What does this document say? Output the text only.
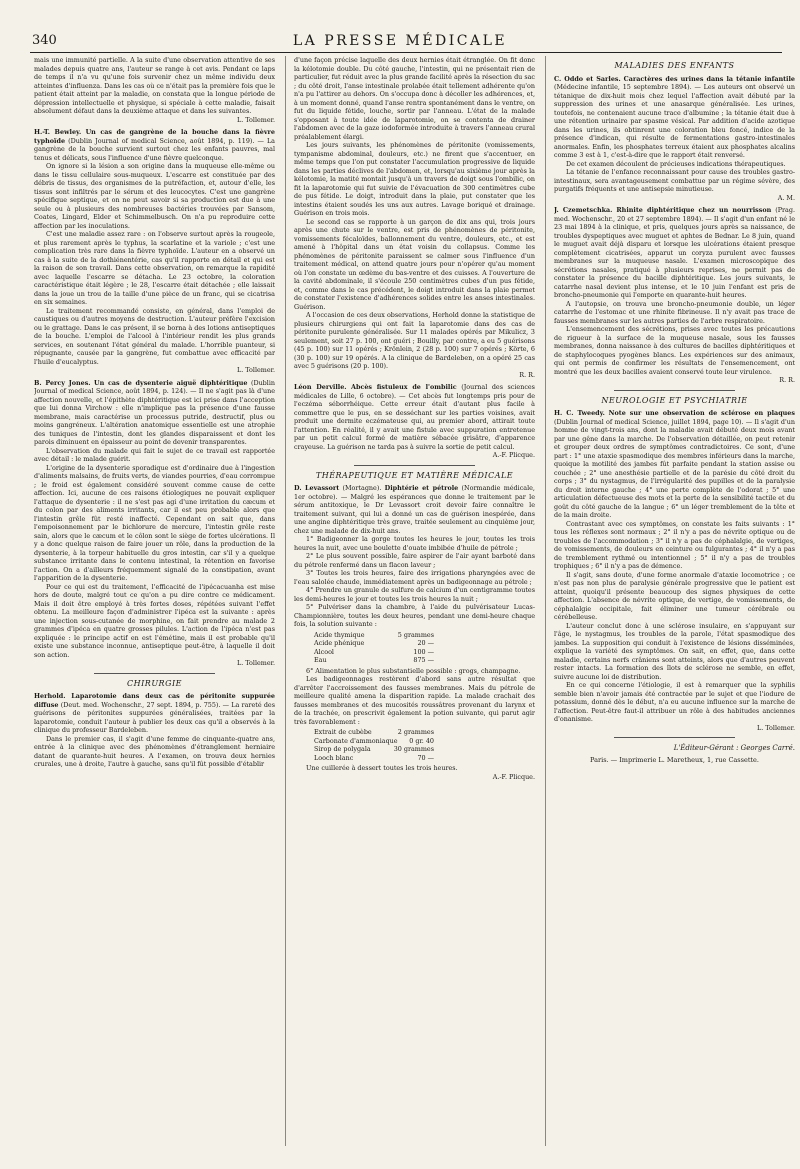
340	LA PRESSE MÉDICALE

mais une immunité partielle. A la suite d'une observation attentive de ses malades depuis quatre ans, l'auteur se range à cet avis. Pendant ce laps de temps il n'a vu qu'une fois survenir chez un même individu deux atteintes d'influenza. Dans les cas où ce n'était pas la première fois que le patient était atteint par la maladie, on constata que la longue période de dépression intellectuelle et physique, si spéciale à cette maladie, faisait absolument défaut dans la deuxième attaque et dans les suivantes.

L. Tollemer.

H.-T. Bewley. Un cas de gangrène de la bouche dans la fièvre typhoïde (Dublin Journal of medical Science, août 1894, p. 119). — La gangrène de la bouche survient surtout chez les enfants pauvres, mal tenus et délicats, sous l'influence d'une fièvre quelconque.

On ignore si la lésion a son origine dans la muqueuse elle-même ou dans le tissu cellulaire sous-muqueux. L'escarre est constituée par des débris de tissus, des organismes de la putréfaction, et, autour d'elle, les tissus sont infiltrés par le sérum et des leucocytes. C'est une gangrène spécifique septique, et on ne peut savoir si sa production est due à une seule ou à plusieurs des nombreuses bactéries trouvées par Sansom, Coates, Lingard, Elder et Schimmelbusch. On n'a pu reproduire cette affection par les inoculations.

C'est une maladie assez rare : on l'observe surtout après la rougeole, et plus rarement après le typhus, la scarlatine et la variole ; c'est une complication très rare dans la fièvre typhoïde. L'auteur en a observé un cas à la suite de la dothiénentérie, cas qu'il rapporte en détail et qui est la raison de son travail. Dans cette observation, on remarque la rapidité avec laquelle l'escarre se détacha. Le 23 octobre, la coloration caractéristique était légère ; le 28, l'escarre était détachée ; elle laissait dans la joue un trou de la taille d'une pièce de un franc, qui se cicatrisa en six semaines.

Le traitement recommandé consiste, en général, dans l'emploi de caustiques ou d'autres moyens de destruction. L'auteur préfère l'excision ou le grattage. Dans le cas présent, il se borna à des lotions antiseptiques de la bouche. L'emploi de l'alcool à l'intérieur rendit les plus grands services, en soutenant l'état général du malade. L'horrible puanteur, si répugnante, causée par la gangrène, fut combattue avec efficacité par l'huile d'eucalyptus.

L. Tollemer.

B. Percy Jones. Un cas de dysenterie aiguë diphtéritique (Dublin Journal of medical Science, août 1894, p. 124). — Il ne s'agit pas là d'une affection nouvelle, et l'épithète diphtéritique est ici prise dans l'acception que lui donna Virchow : elle n'implique pas la présence d'une fausse membrane, mais caractérise un processus putride, destructif, plus ou moins gangréneux. L'altération anatomique essentielle est une atrophie des tuniques de l'intestin, dont les glandes disparaissent et dont les parois diminuent en épaisseur au point de devenir transparentes.

L'observation du malade qui fait le sujet de ce travail est rapportée avec détail : le malade guérit.

L'origine de la dysenterie sporadique est d'ordinaire due à l'ingestion d'aliments malsains, de fruits verts, de viandes pourries, d'eau corrompue ; le froid est également considéré souvent comme cause de cette affection. Ici, aucune de ces raisons étiologiques ne pouvait expliquer l'attaque de dysenterie : il ne s'est pas agi d'une irritation du cæcum et du colon par des aliments irritants, car il est peu probable alors que l'intestin grêle fût resté inaffecté. Cependant on sait que, dans l'empoisonnement par le bichlorure de mercure, l'intestin grêle reste sain, alors que le cæcum et le côlon sont le siège de fortes ulcérations. Il y a donc quelque raison de faire jouer un rôle, dans la production de la dysenterie, à la torpeur habituelle du gros intestin, car s'il y a quelque substance irritante dans le contenu intestinal, la rétention en favorise l'action. On a d'ailleurs fréquemment signalé de la constipation, avant l'apparition de la dysenterie.

Pour ce qui est du traitement, l'efficacité de l'ipécacuanha est mise hors de doute, malgré tout ce qu'on a pu dire contre ce médicament. Mais il doit être employé à très fortes doses, répétées suivant l'effet obtenu. La meilleure façon d'administrer l'ipéca est la suivante : après une injection sous-cutanée de morphine, on fait prendre au malade 2 grammes d'ipéca en quatre grosses pilules. L'action de l'ipéca n'est pas expliquée : le principe actif en est l'émétine, mais il est probable qu'il existe une substance inconnue, antiseptique peut-être, à laquelle il doit son action.

L. Tollemer.

CHIRURGIE

Herhold. Laparotomie dans deux cas de péritonite suppurée diffuse (Deut. med. Wochenschr., 27 sept. 1894, p. 755). — La rareté des guérisons de péritonites suppurées généralisées, traitées par la laparotomie, conduit l'auteur à publier les deux cas qu'il a observés à la clinique du professeur Bardeleben.

Dans le premier cas, il s'agit d'une femme de cinquante-quatre ans, entrée à la clinique avec des phénomènes d'étranglement herniaire datant de quarante-huit heures. A l'examen, on trouva deux hernies crurales, une à droite, l'autre à gauche, sans qu'il fût possible d'établir

d'une façon précise laquelle des deux hernies était étranglée. On fit donc la kélotomie double. Du côté gauche, l'intestin, qui ne présentait rien de particulier, fut réduit avec la plus grande facilité après la résection du sac ; du côté droit, l'anse intestinale prolabée était tellement adhérente qu'on n'a pu l'attirer au dehors. On s'occupa donc à décoller les adhérences, et, à un moment donné, quand l'anse rentra spontanément dans le ventre, on fut du liquide fétide, louche, sortir par l'anneau. L'état de la malade s'opposant à toute idée de laparotomie, on se contenta de drainer l'abdomen avec de la gaze iodoformée introduite à travers l'anneau crural préalablement élargi.

Les jours suivants, les phénomènes de péritonite (vomissements, tympanisme abdominal, douleurs, etc.) ne firent que s'accentuer, en même temps que l'on put constater l'accumulation progressive de liquide dans les parties déclives de l'abdomen, et, lorsqu'au sixième jour après la kélotomie, la matité montait jusqu'à un travers de doigt sous l'ombilic, on fit la laparotomie qui fut suivie de l'évacuation de 300 centimètres cube de pus fétide. Le doigt, introduit dans la plaie, put constater que les intestins étaient soudés les uns aux autres. Lavage boriqué et drainage. Guérison en trois mois.

Le second cas se rapporte à un garçon de dix ans qui, trois jours après une chute sur le ventre, est pris de phénomènes de péritonite, vomissements fécaloïdes, ballonnement du ventre, douleurs, etc., et est amené à l'hôpital dans un état voisin du collapsus. Comme les phénomènes de péritonite paraissent se calmer sous l'influence d'un traitement médical, on attend quatre jours pour n'opérer qu'au moment où l'on constate un œdème du bas-ventre et des cuisses. A l'ouverture de la cavité abdominale, il s'écoule 250 centimètres cubes d'un pus fétide, et, comme dans le cas précédent, le doigt introduit dans la plaie permet de constater l'existence d'adhérences solides entre les anses intestinales. Guérison.

A l'occasion de ces deux observations, Herhold donne la statistique de plusieurs chirurgiens qui ont fait la laparotomie dans des cas de péritonite purulente généralisée. Sur 11 malades opérés par Mikulicz, 3 seulement, soit 27 p. 100, ont guéri ; Bouilly, par contre, a eu 5 guérisons (45 p. 100) sur 11 opérés ; Krönlein, 2 (28 p. 100) sur 7 opérés ; Körte, 6 (30 p. 100) sur 19 opérés. A la clinique de Bardeleben, on a opéré 25 cas avec 5 guérisons (20 p. 100).

R. R.

Léon Derville. Abcès fistuleux de l'ombilic (Journal des sciences médicales de Lille, 6 octobre). — Cet abcès fut longtemps pris pour de l'eczéma séborrhéique. Cette erreur était d'autant plus facile à commettre que le pus, en se desséchant sur les parties voisines, avait produit une dermite eczémateuse qui, au premier abord, attirait toute l'attention. En réalité, il y avait une fistule avec suppuration entretenue par un petit calcul formé de matière sébacée grisâtre, d'apparence crayeuse. La guérison ne tarda pas à suivre la sortie de petit calcul.

A.-F. Plicque.

THÉRAPEUTIQUE ET MATIÈRE MÉDICALE

D. Levassort (Mortagne). Diphtérie et pétrole (Normandie médicale, 1er octobre). — Malgré les espérances que donne le traitement par le sérum antitoxique, le Dr Levassort croit devoir faire connaître le traitement suivant, qui lui a donné un cas de guérison inespérée, dans une angine diphtéritique très grave, traitée seulement au cinquième jour, chez une malade de dix-huit ans.

1° Badigeonner la gorge toutes les heures le jour, toutes les trois heures la nuit, avec une boulette d'ouate imbibée d'huile de pétrole ;

2° Le plus souvent possible, faire aspirer de l'air ayant barboté dans du pétrole renfermé dans un flacon laveur ;

3° Toutes les trois heures, faire des irrigations pharyngées avec de l'eau salolée chaude, immédiatement après un badigeonnage au pétrole ;

4° Prendre un granule de sulfure de calcium d'un centigramme toutes les demi-heures le jour et toutes les trois heures la nuit ;

5° Pulvériser dans la chambre, à l'aide du pulvérisateur Lucas-Championnière, toutes les deux heures, pendant une demi-heure chaque fois, la solution suivante :

Acide thymique	5 grammes
Acide phénique	20 —
Alcool	100 —
Eau	875 —

6° Alimentation le plus substantielle possible : grogs, champagne.

Les badigeonnages restèrent d'abord sans autre résultat que d'arrêter l'accroissement des fausses membranes. Mais du pétrole de meilleure qualité amena la disparition rapide. La malade crachait des fausses membranes et des mucosités roussâtres provenant du larynx et de la trachée, on prescrivit également la potion suivante, qui parut agir très favorablement :

Extrait de cubèbe	2 grammes
Carbonate d'ammoniaque 0 gr. 40
Sirop de polygala	30 grammes
Looch blanc	70 —

Une cuillerée à dessert toutes les trois heures.

A.-F. Plicque.

MALADIES DES ENFANTS

C. Oddo et Sarles. Caractères des urines dans la tétanie infantile (Médecine infantile, 15 septembre 1894). — Les auteurs ont observé un tétanique de dix-huit mois chez lequel l'affection avait débuté par la suppression des urines et une anasarque généralisée. Les urines, toutefois, ne contenaient aucune trace d'albumine ; la tétanie était due à une rétention urinaire par spasme vésical. Par addition d'acide azotique dans les urines, ils obtinrent une coloration bleu foncé, indice de la présence d'indican, qui résulte de fermentations gastro-intestinales anormales. Enfin, les phosphates terreux étaient aux phosphates alcalins comme 3 est à 1, c'est-à-dire que le rapport était renversé.

De cet examen découlent de précieuses indications thérapeutiques.

La tétanie de l'enfance reconnaissant pour cause des troubles gastro-intestinaux, sera avantageusement combattue par un régime sévère, des purgatifs fréquents et une antisepsie minutieuse.

A. M.

J. Czemetschka. Rhinite diphtéritique chez un nourrisson (Prag. med. Wochenschr., 20 et 27 septembre 1894). — Il s'agit d'un enfant né le 23 mai 1894 à la clinique, et pris, quelques jours après sa naissance, de troubles dyspeptiques avec muguet et aphtes de Bednar. Le 8 juin, quand le muguet avait déjà disparu et lorsque les ulcérations étaient presque complètement cicatrisées, apparut un coryza purulent avec fausses membranes sur la muqueuse nasale. L'examen microscopique des sécrétions nasales, pratiqué à plusieurs reprises, ne permit pas de constater la présence du bacille diphtéritique. Les jours suivants, le catarrhe nasal devient plus intense, et le 10 juin l'enfant est pris de broncho-pneumonie qui l'emporte en quarante-huit heures.

A l'autopsie, on trouva une broncho-pneumonie double, un léger catarrhe de l'estomac et une rhinite fibrineuse. Il n'y avait pas trace de fausses membranes sur les autres parties de l'arbre respiratoire.

L'ensemencement des sécrétions, prises avec toutes les précautions de rigueur à la surface de la muqueuse nasale, sous les fausses membranes, donna naissance à des cultures de bacilles diphtéritiques et de staphylocoques pyogènes blancs. Les expériences sur des animaux, qui ont permis de confirmer les résultats de l'ensemencement, ont montré que les deux bacilles avaient conservé toute leur virulence.

R. R.

NEUROLOGIE ET PSYCHIATRIE

H. C. Tweedy. Note sur une observation de sclérose en plaques (Dublin Journal of medical Science, juillet 1894, page 10). — Il s'agit d'un homme de vingt-trois ans, dont la maladie avait débuté deux mois avant par une gêne dans la marche. De l'observation détaillée, on peut retenir et grouper deux ordres de symptômes contradictoires. Ce sont, d'une part : 1° une ataxie spasmodique des membres inférieurs dans la marche, quoique la motilité des jambes fût parfaite pendant la station assise ou couchée ; 2° une anesthésie partielle et de la parésie du côté droit du corps ; 3° du nystagmus, de l'irrégularité des pupilles et de la paralysie du droit interne gauche ; 4° une perte complète de l'odorat ; 5° une articulation défectueuse des mots et la perte de la sensibilité tactile et du goût du côté gauche de la langue ; 6° un léger tremblement de la tête et de la main droite.

Contrastant avec ces symptômes, on constate les faits suivants : 1° tous les réflexes sont normaux ; 2° il n'y a pas de névrite optique ou de troubles de l'accommodation ; 3° il n'y a pas de céphalalgie, de vertiges, de vomissements, de douleurs en ceinture ou fulgurantes ; 4° il n'y a pas de tremblement rythmé ou intentionnel ; 5° il n'y a pas de troubles trophiques ; 6° il n'y a pas de démence.

Il s'agit, sans doute, d'une forme anormale d'ataxie locomotrice ; ce n'est pas non plus de paralysie générale progressive que le patient est atteint, quoiqu'il présente beaucoup des signes physiques de cette affection. L'absence de névrite optique, de vertige, de vomissements, de céphalalgie occipitale, fait éliminer une tumeur cérébrale ou cérébelleuse.

L'auteur conclut donc à une sclérose insulaire, en s'appuyant sur l'âge, le nystagmus, les troubles de la parole, l'état spasmodique des jambes. La supposition qui conduit à l'existence de lésions disséminées, explique la variété des symptômes. On sait, en effet, que, dans cette maladie, certains nerfs crâniens sont atteints, alors que d'autres peuvent rester intacts. La formation des îlots de sclérose ne semble, en effet, suivre aucune loi de distribution.

En ce qui concerne l'étiologie, il est à remarquer que la syphilis semble bien n'avoir jamais été contractée par le sujet et que l'iodure de potassium, donné dès le début, n'a eu aucune influence sur la marche de l'affection. Peut-être faut-il attribuer un rôle à des habitudes anciennes d'onanisme.

L. Tollemer.

L'Éditeur-Gérant : Georges Carré.

Paris. — Imprimerie L. Maretheux, 1, rue Cassette.
